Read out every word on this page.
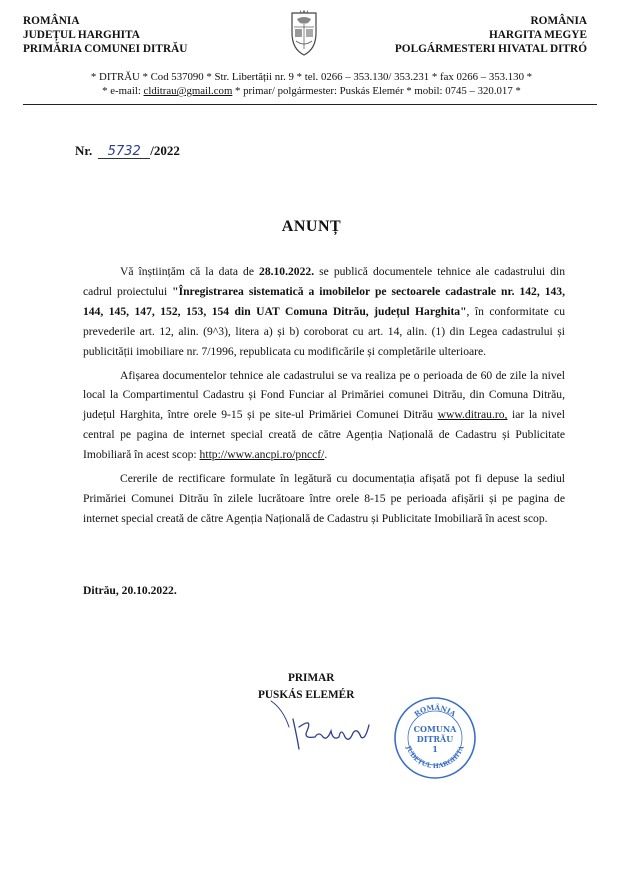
ROMÂNIA
JUDEȚUL HARGHITA
PRIMĂRIA COMUNEI DITRĂU
ROMÂNIA
HARGITA MEGYE
POLGÁRMESTERI HIVATAL DITRÓ
* DITRĂU * Cod 537090 * Str. Libertății nr. 9 * tel. 0266 – 353.130/ 353.231 * fax 0266 – 353.130 *
* e-mail: clditrau@gmail.com * primar/ polgármester: Puskás Elemér * mobil: 0745 – 320.017 *
Nr. 5732 /2022
ANUNȚ

Vă înștiințăm că la data de 28.10.2022. se publică documentele tehnice ale cadastrului din cadrul proiectului "Înregistrarea sistematică a imobilelor pe sectoarele cadastrale nr. 142, 143, 144, 145, 147, 152, 153, 154 din UAT Comuna Ditrău, județul Harghita", în conformitate cu prevederile art. 12, alin. (9^3), litera a) și b) coroborat cu art. 14, alin. (1) din Legea cadastrului și publicității imobiliare nr. 7/1996, republicata cu modificările și completările ulterioare.

Afișarea documentelor tehnice ale cadastrului se va realiza pe o perioada de 60 de zile la nivel local la Compartimentul Cadastru și Fond Funciar al Primăriei comunei Ditrău, din Comuna Ditrău, județul Harghita, între orele 9-15 și pe site-ul Primăriei Comunei Ditrău www.ditrau.ro, iar la nivel central pe pagina de internet special creată de către Agenția Națională de Cadastru și Publicitate Imobiliară în acest scop: http://www.ancpi.ro/pnccf/.

Cererile de rectificare formulate în legătură cu documentația afișată pot fi depuse la sediul Primăriei Comunei Ditrău în zilele lucrătoare între orele 8-15 pe perioada afișării și pe pagina de internet special creată de către Agenția Națională de Cadastru și Publicitate Imobiliară în acest scop.

Ditrău, 20.10.2022.
PRIMAR
PUSKÁS ELEMÉR
ROMÂNIA
JUDEȚUL HARGHITA
COMUNA
DITRĂU
1
